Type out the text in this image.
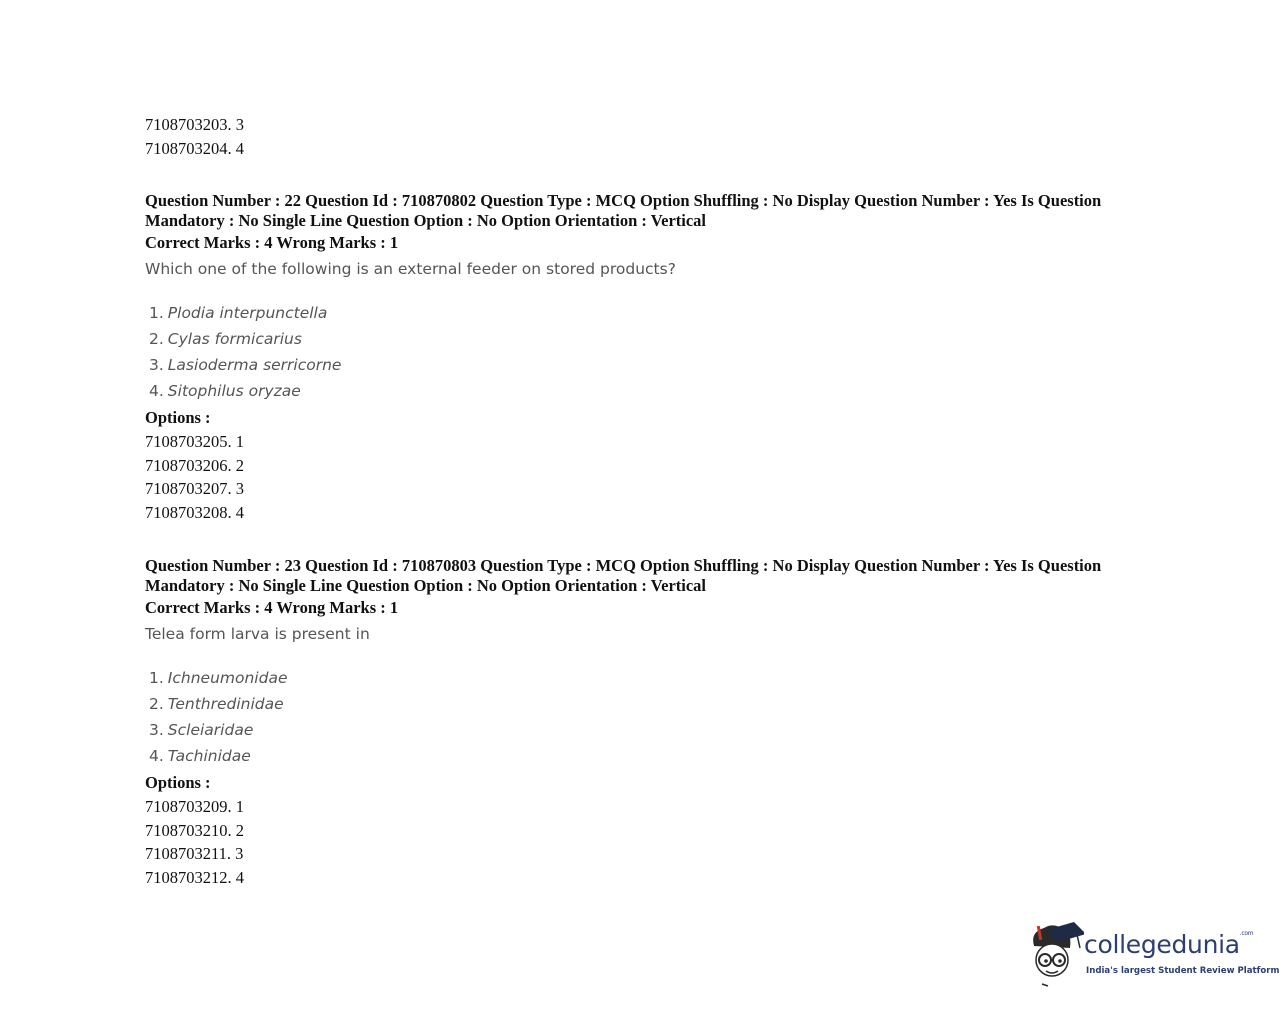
7108703203. 3

7108703204. 4

Question Number : 22 Question Id : 710870802 Question Type : MCQ Option Shuffling : No Display Question Number : Yes Is Question Mandatory : No Single Line Question Option : No Option Orientation : Vertical

Correct Marks : 4 Wrong Marks : 1

Which one of the following is an external feeder on stored products?

1. Plodia interpunctella
2. Cylas formicarius
3. Lasioderma serricorne
4. Sitophilus oryzae

Options :

7108703205. 1

7108703206. 2

7108703207. 3

7108703208. 4

Question Number : 23 Question Id : 710870803 Question Type : MCQ Option Shuffling : No Display Question Number : Yes Is Question Mandatory : No Single Line Question Option : No Option Orientation : Vertical

Correct Marks : 4 Wrong Marks : 1

Telea form larva is present in

1. Ichneumonidae
2. Tenthredinidae
3. Scleiaridae
4. Tachinidae

Options :

7108703209. 1

7108703210. 2

7108703211. 3

7108703212. 4

collegedunia$^{.com}$
India's largest Student Review Platform
